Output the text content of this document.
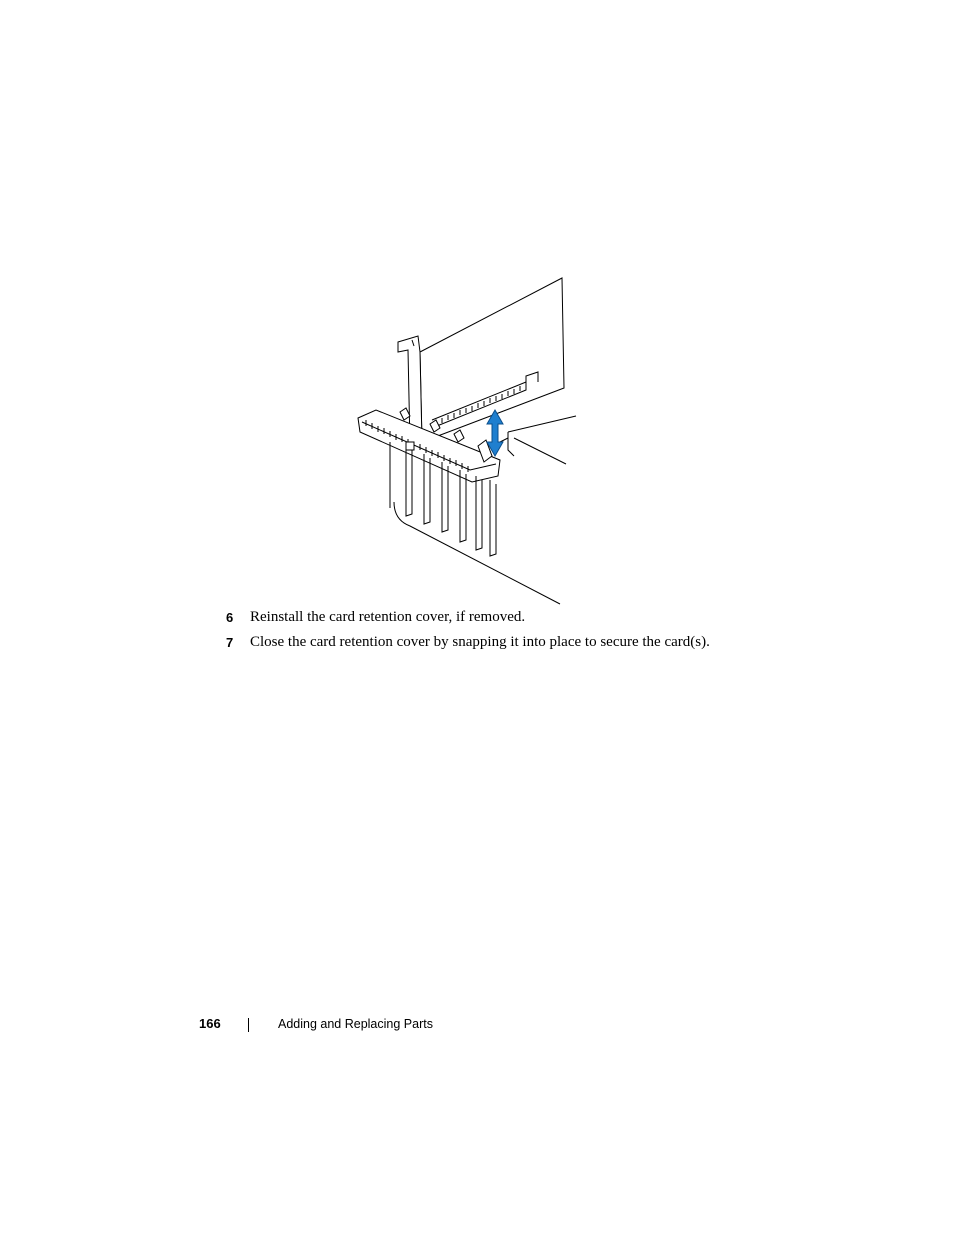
6	Reinstall the card retention cover, if removed.
7	Close the card retention cover by snapping it into place to secure the card(s).
166	Adding and Replacing Parts
